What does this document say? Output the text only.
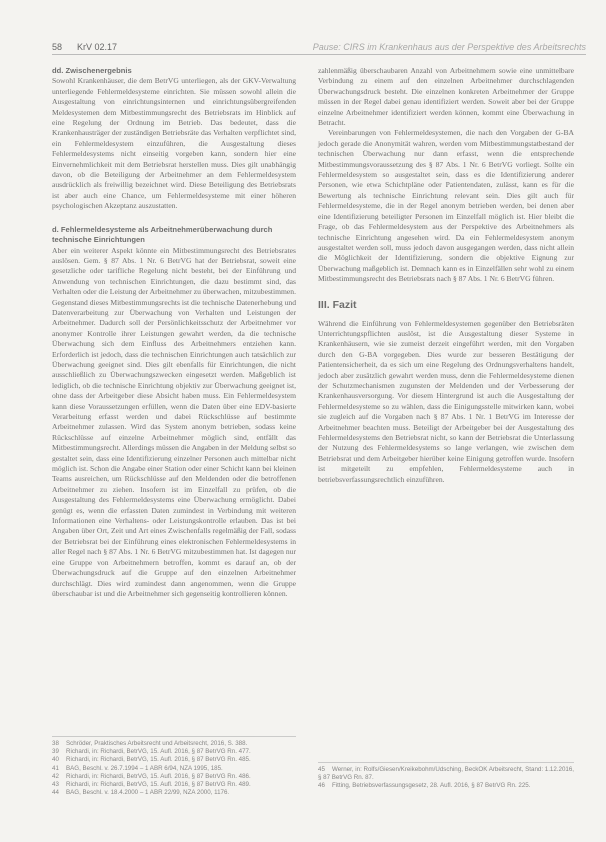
58 KrV 02.17	Pause: CIRS im Krankenhaus aus der Perspektive des Arbeitsrechts
dd. Zwischenergebnis

Sowohl Krankenhäuser, die dem BetrVG unterliegen, als der GKV-Verwaltung unterliegende Fehlermeldesysteme einrichten. Sie müssen sowohl allein die Ausgestaltung von einrichtungsinternen und einrichtungsübergreifenden Meldesystemen dem Mitbestimmungsrecht des Betriebsrats im Hinblick auf eine Regelung der Ordnung im Betrieb. Das bedeutet, dass die Krankenhausträger der zuständigen Betriebsräte das Verhalten verpflichtet sind, ein Fehlermeldesystem einzuführen, die Ausgestaltung dieses Fehlermeldesystems nicht einseitig vorgeben kann, sondern hier eine Einvernehmlichkeit mit dem Betriebsrat herstellen muss. Dies gilt unabhängig davon, ob die Beteiligung der Arbeitnehmer an dem Fehlermeldesystem ausdrücklich als freiwillig bezeichnet wird. Diese Beteiligung des Betriebsrats ist aber auch eine Chance, um Fehlermeldesysteme mit einer höheren psychologischen Akzeptanz auszustatten.

d. Fehlermeldesysteme als Arbeitnehmerüberwachung durch technische Einrichtungen

Aber ein weiterer Aspekt könnte ein Mitbestimmungsrecht des Betriebsrates auslösen. Gem. § 87 Abs. 1 Nr. 6 BetrVG hat der Betriebsrat, soweit eine gesetzliche oder tarifliche Regelung nicht besteht, bei der Einführung und Anwendung von technischen Einrichtungen, die dazu bestimmt sind, das Verhalten oder die Leistung der Arbeitnehmer zu überwachen, mitzubestimmen. Gegenstand dieses Mitbestimmungsrechts ist die technische Datenerhebung und Datenverarbeitung zur Überwachung von Verhalten und Leistungen der Arbeitnehmer. Dadurch soll der Persönlichkeitsschutz der Arbeitnehmer vor anonymer Kontrolle ihrer Leistungen gewahrt werden, da die technische Überwachung sich dem Einfluss des Arbeitnehmers entziehen kann. Erforderlich ist jedoch, dass die technischen Einrichtungen auch tatsächlich zur Überwachung geeignet sind. Dies gilt ebenfalls für Einrichtungen, die nicht ausschließlich zu Überwachungszwecken eingesetzt werden. Maßgeblich ist lediglich, ob die technische Einrichtung objektiv zur Überwachung geeignet ist, ohne dass der Arbeitgeber diese Absicht haben muss. Ein Fehlermeldesystem kann diese Voraussetzungen erfüllen, wenn die Daten über eine EDV-basierte Verarbeitung erfasst werden und dabei Rückschlüsse auf bestimmte Arbeitnehmer zulassen. Wird das System anonym betrieben, sodass keine Rückschlüsse auf einzelne Arbeitnehmer möglich sind, entfällt das Mitbestimmungsrecht. Allerdings müssen die Angaben in der Meldung selbst so gestaltet sein, dass eine Identifizierung einzelner Personen auch mittelbar nicht möglich ist. Schon die Angabe einer Station oder einer Schicht kann bei kleinen Teams ausreichen, um Rückschlüsse auf den Meldenden oder die betroffenen Arbeitnehmer zu ziehen. Insofern ist im Einzelfall zu prüfen, ob die Ausgestaltung des Fehlermeldesystems eine Überwachung ermöglicht. Dabei genügt es, wenn die erfassten Daten zumindest in Verbindung mit weiteren Informationen eine Verhaltens- oder Leistungskontrolle erlauben. Das ist bei Angaben über Ort, Zeit und Art eines Zwischenfalls regelmäßig der Fall, sodass der Betriebsrat bei der Einführung eines elektronischen Fehlermeldesystems in aller Regel nach § 87 Abs. 1 Nr. 6 BetrVG mitzubestimmen hat. Ist dagegen nur eine Gruppe von Arbeitnehmern betroffen, kommt es darauf an, ob der Überwachungsdruck auf die Gruppe auf den einzelnen Arbeitnehmer durchschlägt. Dies wird zumindest dann angenommen, wenn die Gruppe überschaubar ist und die Arbeitnehmer sich gegenseitig kontrollieren können.

zahlenmäßig überschaubaren Anzahl von Arbeitnehmern sowie eine unmittelbare Verbindung zu einem auf den einzelnen Arbeitnehmer durchschlagenden Überwachungsdruck besteht. Die einzelnen konkreten Arbeitnehmer der Gruppe müssen in der Regel dabei genau identifiziert werden. Soweit aber bei der Gruppe einzelne Arbeitnehmer identifiziert werden können, kommt eine Überwachung in Betracht.

Vereinbarungen von Fehlermeldesystemen, die nach den Vorgaben der G-BA jedoch gerade die Anonymität wahren, werden vom Mitbestimmungstatbestand der technischen Überwachung nur dann erfasst, wenn die entsprechende Mitbestimmungsvoraussetzung des § 87 Abs. 1 Nr. 6 BetrVG vorliegt. Sollte ein Fehlermeldesystem so ausgestaltet sein, dass es die Identifizierung anderer Personen, wie etwa Schichtpläne oder Patientendaten, zulässt, kann es für die Bewertung als technische Einrichtung relevant sein. Dies gilt auch für Fehlermeldesysteme, die in der Regel anonym betrieben werden, bei denen aber eine Identifizierung beteiligter Personen im Einzelfall möglich ist. Hier bleibt die Frage, ob das Fehlermeldesystem aus der Perspektive des Arbeitnehmers als technische Einrichtung angesehen wird. Da ein Fehlermeldesystem anonym ausgestaltet werden soll, muss jedoch davon ausgegangen werden, dass nicht allein die Möglichkeit der Identifizierung, sondern die objektive Eignung zur Überwachung maßgeblich ist. Demnach kann es in Einzelfällen sehr wohl zu einem Mitbestimmungsrecht des Betriebsrats nach § 87 Abs. 1 Nr. 6 BetrVG führen.

III. Fazit

Während die Einführung von Fehlermeldesystemen gegenüber den Betriebsräten Unterrichtungspflichten auslöst, ist die Ausgestaltung dieser Systeme in Krankenhäusern, wie sie zumeist derzeit eingeführt werden, mit den Vorgaben durch den G-BA vorgegeben. Dies wurde zur besseren Bestätigung der Patientensicherheit, da es sich um eine Regelung des Ordnungsverhaltens handelt, jedoch aber zusätzlich gewahrt werden muss, denn die Fehlermeldesysteme dienen der Schutzmechanismen zugunsten der Meldenden und der Verbesserung der Krankenhausversorgung. Vor diesem Hintergrund ist auch die Ausgestaltung der Fehlermeldesysteme so zu wählen, dass die Einigungsstelle mitwirken kann, wobei sie zugleich auf die Vorgaben nach § 87 Abs. 1 Nr. 1 BetrVG im Interesse der Arbeitnehmer beachten muss. Beteiligt der Arbeitgeber bei der Ausgestaltung des Fehlermeldesystems den Betriebsrat nicht, so kann der Betriebsrat die Unterlassung der Nutzung des Fehlermeldesystems so lange verlangen, wie zwischen dem Betriebsrat und dem Arbeitgeber hierüber keine Einigung getroffen wurde. Insofern ist mitgeteilt zu empfehlen, Fehlermeldesysteme auch in betriebsverfassungsrechtlich einzuführen.

38 Schröder, Praktisches Arbeitsrecht und Arbeitsrecht, 2016, S. 388.
39 Richardi, in: Richardi, BetrVG, 15. Aufl. 2016, § 87 BetrVG Rn. 477.
40 Richardi, in: Richardi, BetrVG, 15. Aufl. 2016, § 87 BetrVG Rn. 485.
41 BAG, Beschl. v. 26.7.1994 – 1 ABR 6/94, NZA 1995, 185.
42 Richardi, in: Richardi, BetrVG, 15. Aufl. 2016, § 87 BetrVG Rn. 486.
43 Richardi, in: Richardi, BetrVG, 15. Aufl. 2016, § 87 BetrVG Rn. 489.
44 BAG, Beschl. v. 18.4.2000 – 1 ABR 22/99, NZA 2000, 1176.
45 Werner, in: Rolfs/Giesen/Kreikebohm/Udsching, BeckOK Arbeitsrecht, Stand: 1.12.2016, § 87 BetrVG Rn. 87.
46 Fitting, Betriebsverfassungsgesetz, 28. Aufl. 2016, § 87 BetrVG Rn. 225.
